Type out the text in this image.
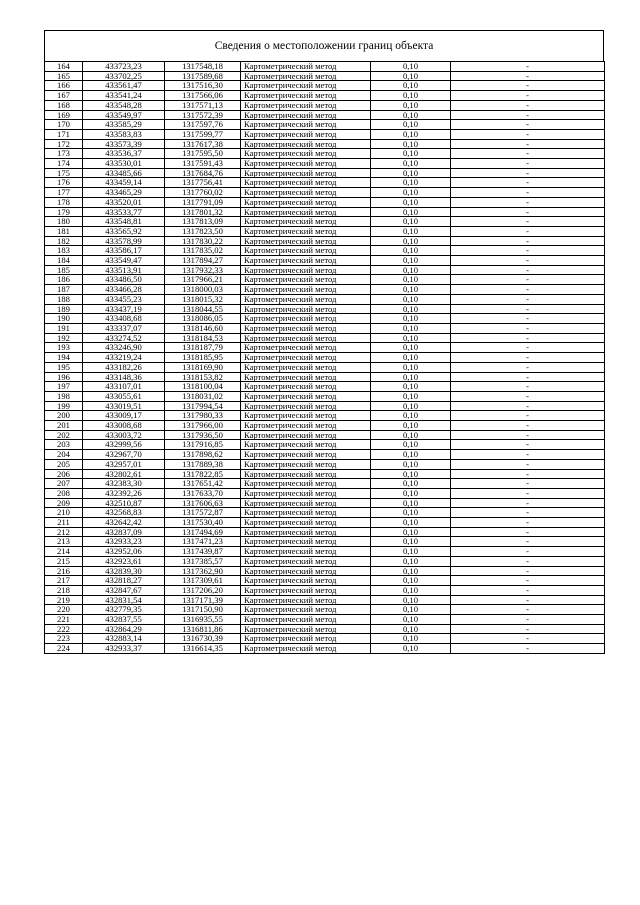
Сведения о местоположении границ объекта
164	433723,23	1317548,18	Картометрический метод	0,10	-
165	433702,25	1317589,68	Картометрический метод	0,10	-
166	433561,47	1317516,30	Картометрический метод	0,10	-
167	433541,24	1317566,06	Картометрический метод	0,10	-
168	433548,28	1317571,13	Картометрический метод	0,10	-
169	433549,97	1317572,39	Картометрический метод	0,10	-
170	433585,29	1317597,76	Картометрический метод	0,10	-
171	433583,83	1317599,77	Картометрический метод	0,10	-
172	433573,39	1317617,38	Картометрический метод	0,10	-
173	433536,37	1317595,50	Картометрический метод	0,10	-
174	433530,01	1317591,43	Картометрический метод	0,10	-
175	433485,66	1317684,76	Картометрический метод	0,10	-
176	433459,14	1317756,41	Картометрический метод	0,10	-
177	433465,29	1317760,02	Картометрический метод	0,10	-
178	433520,01	1317791,09	Картометрический метод	0,10	-
179	433533,77	1317801,32	Картометрический метод	0,10	-
180	433548,81	1317813,09	Картометрический метод	0,10	-
181	433565,92	1317823,50	Картометрический метод	0,10	-
182	433578,99	1317830,22	Картометрический метод	0,10	-
183	433586,17	1317835,02	Картометрический метод	0,10	-
184	433549,47	1317894,27	Картометрический метод	0,10	-
185	433513,91	1317932,33	Картометрический метод	0,10	-
186	433486,50	1317966,21	Картометрический метод	0,10	-
187	433466,28	1318000,03	Картометрический метод	0,10	-
188	433455,23	1318015,32	Картометрический метод	0,10	-
189	433437,19	1318044,55	Картометрический метод	0,10	-
190	433408,68	1318086,05	Картометрический метод	0,10	-
191	433337,07	1318146,60	Картометрический метод	0,10	-
192	433274,52	1318184,53	Картометрический метод	0,10	-
193	433246,90	1318187,79	Картометрический метод	0,10	-
194	433219,24	1318185,95	Картометрический метод	0,10	-
195	433182,26	1318169,90	Картометрический метод	0,10	-
196	433148,36	1318153,82	Картометрический метод	0,10	-
197	433107,01	1318100,04	Картометрический метод	0,10	-
198	433055,61	1318031,02	Картометрический метод	0,10	-
199	433019,51	1317994,54	Картометрический метод	0,10	-
200	433009,17	1317980,33	Картометрический метод	0,10	-
201	433008,68	1317966,00	Картометрический метод	0,10	-
202	433003,72	1317936,50	Картометрический метод	0,10	-
203	432999,56	1317916,85	Картометрический метод	0,10	-
204	432967,70	1317898,62	Картометрический метод	0,10	-
205	432957,01	1317889,38	Картометрический метод	0,10	-
206	432802,61	1317822,85	Картометрический метод	0,10	-
207	432383,30	1317651,42	Картометрический метод	0,10	-
208	432392,26	1317633,70	Картометрический метод	0,10	-
209	432510,87	1317606,63	Картометрический метод	0,10	-
210	432568,83	1317572,87	Картометрический метод	0,10	-
211	432642,42	1317530,40	Картометрический метод	0,10	-
212	432837,09	1317494,69	Картометрический метод	0,10	-
213	432933,23	1317471,23	Картометрический метод	0,10	-
214	432952,06	1317439,87	Картометрический метод	0,10	-
215	432923,61	1317385,57	Картометрический метод	0,10	-
216	432839,30	1317362,90	Картометрический метод	0,10	-
217	432818,27	1317309,61	Картометрический метод	0,10	-
218	432847,67	1317206,20	Картометрический метод	0,10	-
219	432831,54	1317171,39	Картометрический метод	0,10	-
220	432779,35	1317150,90	Картометрический метод	0,10	-
221	432837,55	1316935,55	Картометрический метод	0,10	-
222	432864,29	1316811,86	Картометрический метод	0,10	-
223	432883,14	1316730,39	Картометрический метод	0,10	-
224	432933,37	1316614,35	Картометрический метод	0,10	-
